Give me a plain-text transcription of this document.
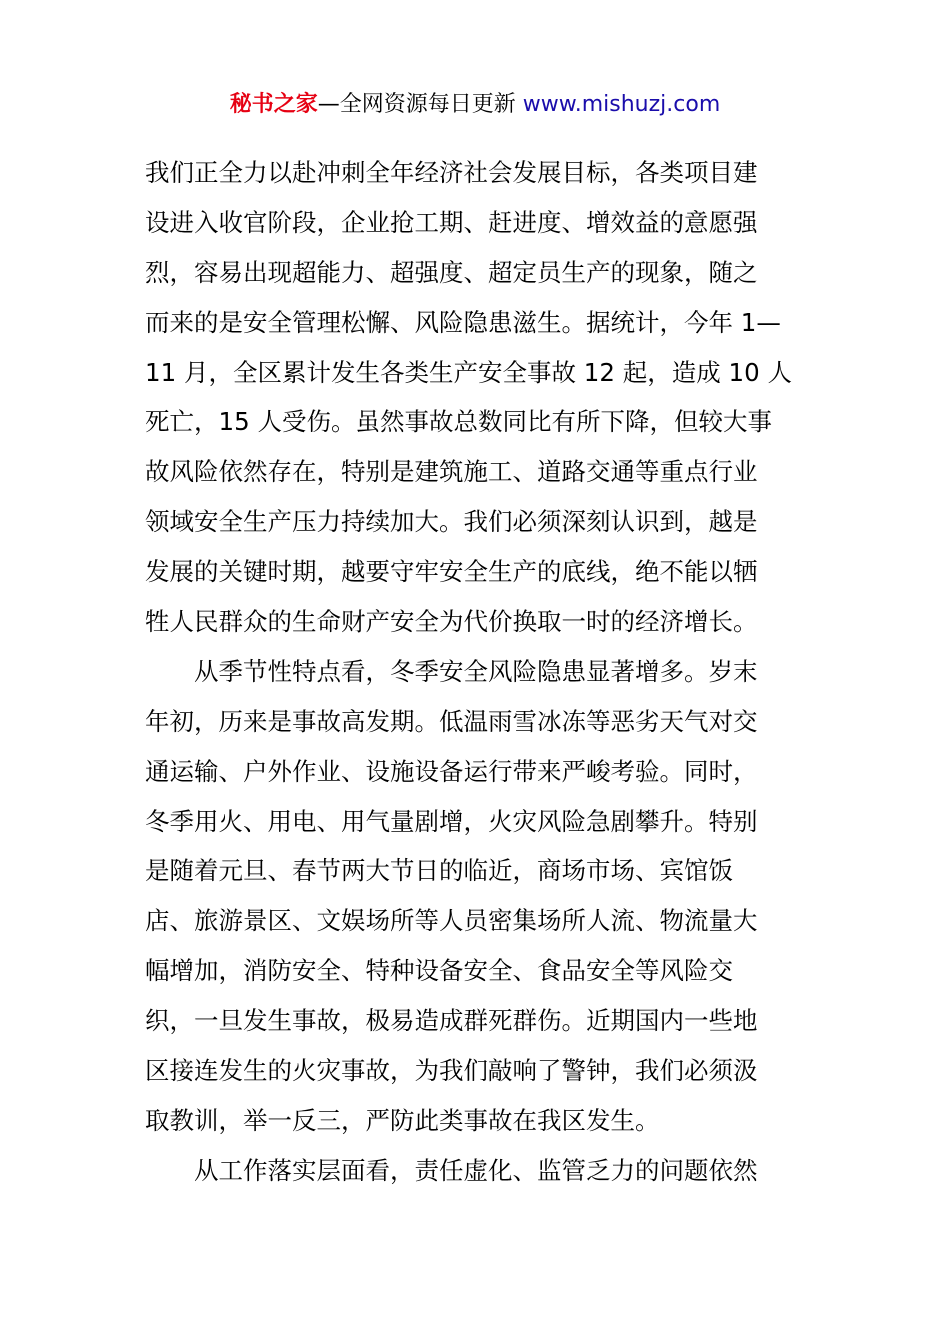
秘书之家—全网资源每日更新 www.mishuzj.com
我们正全力以赴冲刺全年经济社会发展目标，各类项目建
设进入收官阶段，企业抢工期、赶进度、增效益的意愿强
烈，容易出现超能力、超强度、超定员生产的现象，随之
而来的是安全管理松懈、风险隐患滋生。据统计，今年 1—
11 月，全区累计发生各类生产安全事故 12 起，造成 10 人
死亡，15 人受伤。虽然事故总数同比有所下降，但较大事
故风险依然存在，特别是建筑施工、道路交通等重点行业
领域安全生产压力持续加大。我们必须深刻认识到，越是
发展的关键时期，越要守牢安全生产的底线，绝不能以牺
牲人民群众的生命财产安全为代价换取一时的经济增长。
从季节性特点看，冬季安全风险隐患显著增多。岁末
年初，历来是事故高发期。低温雨雪冰冻等恶劣天气对交
通运输、户外作业、设施设备运行带来严峻考验。同时，
冬季用火、用电、用气量剧增，火灾风险急剧攀升。特别
是随着元旦、春节两大节日的临近，商场市场、宾馆饭
店、旅游景区、文娱场所等人员密集场所人流、物流量大
幅增加，消防安全、特种设备安全、食品安全等风险交
织，一旦发生事故，极易造成群死群伤。近期国内一些地
区接连发生的火灾事故，为我们敲响了警钟，我们必须汲
取教训，举一反三，严防此类事故在我区发生。
从工作落实层面看，责任虚化、监管乏力的问题依然
